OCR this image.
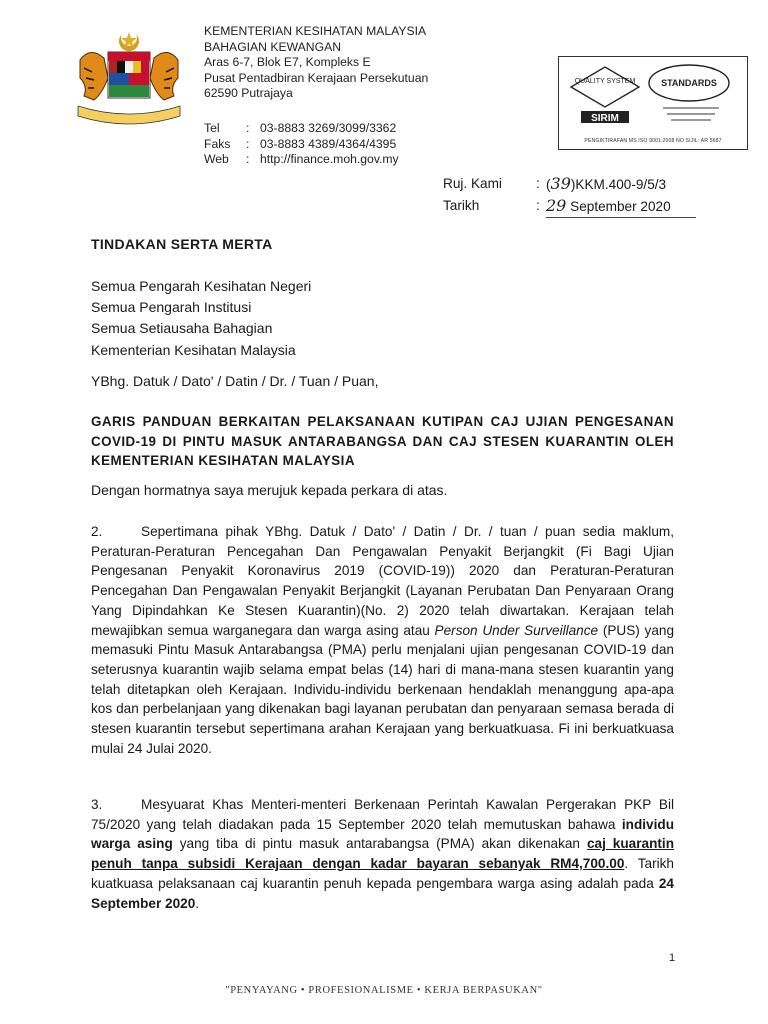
KEMENTERIAN KESIHATAN MALAYSIA
BAHAGIAN KEWANGAN
Aras 6-7, Blok E7, Kompleks E
Pusat Pentadbiran Kerajaan Persekutuan
62590 Putrajaya
Tel	: 03-8883 3269/3099/3362
Faks	: 03-8883 4389/4364/4395
Web	: http://finance.moh.gov.my
QUALITY SYSTEM
SIRIM
STANDARDS
PENGIKTIRAFAN MS ISO 9001:2008 NO SIJIL: AR 5687
Ruj. Kami	: (39)KKM.400-9/5/3
Tarikh	: 29 September 2020
TINDAKAN SERTA MERTA
Semua Pengarah Kesihatan Negeri
Semua Pengarah Institusi
Semua Setiausaha Bahagian
Kementerian Kesihatan Malaysia
YBhg. Datuk / Dato' / Datin / Dr. / Tuan / Puan,
GARIS PANDUAN BERKAITAN PELAKSANAAN KUTIPAN CAJ UJIAN PENGESANAN COVID-19 DI PINTU MASUK ANTARABANGSA DAN CAJ STESEN KUARANTIN OLEH KEMENTERIAN KESIHATAN MALAYSIA
Dengan hormatnya saya merujuk kepada perkara di atas.
2.	Sepertimana pihak YBhg. Datuk / Dato' / Datin / Dr. / tuan / puan sedia maklum, Peraturan-Peraturan Pencegahan Dan Pengawalan Penyakit Berjangkit (Fi Bagi Ujian Pengesanan Penyakit Koronavirus 2019 (COVID-19)) 2020 dan Peraturan-Peraturan Pencegahan Dan Pengawalan Penyakit Berjangkit (Layanan Perubatan Dan Penyaraan Orang Yang Dipindahkan Ke Stesen Kuarantin)(No. 2) 2020 telah diwartakan. Kerajaan telah mewajibkan semua warganegara dan warga asing atau Person Under Surveillance (PUS) yang memasuki Pintu Masuk Antarabangsa (PMA) perlu menjalani ujian pengesanan COVID-19 dan seterusnya kuarantin wajib selama empat belas (14) hari di mana-mana stesen kuarantin yang telah ditetapkan oleh Kerajaan. Individu-individu berkenaan hendaklah menanggung apa-apa kos dan perbelanjaan yang dikenakan bagi layanan perubatan dan penyaraan semasa berada di stesen kuarantin tersebut sepertimana arahan Kerajaan yang berkuatkuasa. Fi ini berkuatkuasa mulai 24 Julai 2020.
3.	Mesyuarat Khas Menteri-menteri Berkenaan Perintah Kawalan Pergerakan PKP Bil 75/2020 yang telah diadakan pada 15 September 2020 telah memutuskan bahawa individu warga asing yang tiba di pintu masuk antarabangsa (PMA) akan dikenakan caj kuarantin penuh tanpa subsidi Kerajaan dengan kadar bayaran sebanyak RM4,700.00. Tarikh kuatkuasa pelaksanaan caj kuarantin penuh kepada pengembara warga asing adalah pada 24 September 2020.
1
"PENYAYANG • PROFESIONALISME • KERJA BERPASUKAN"
